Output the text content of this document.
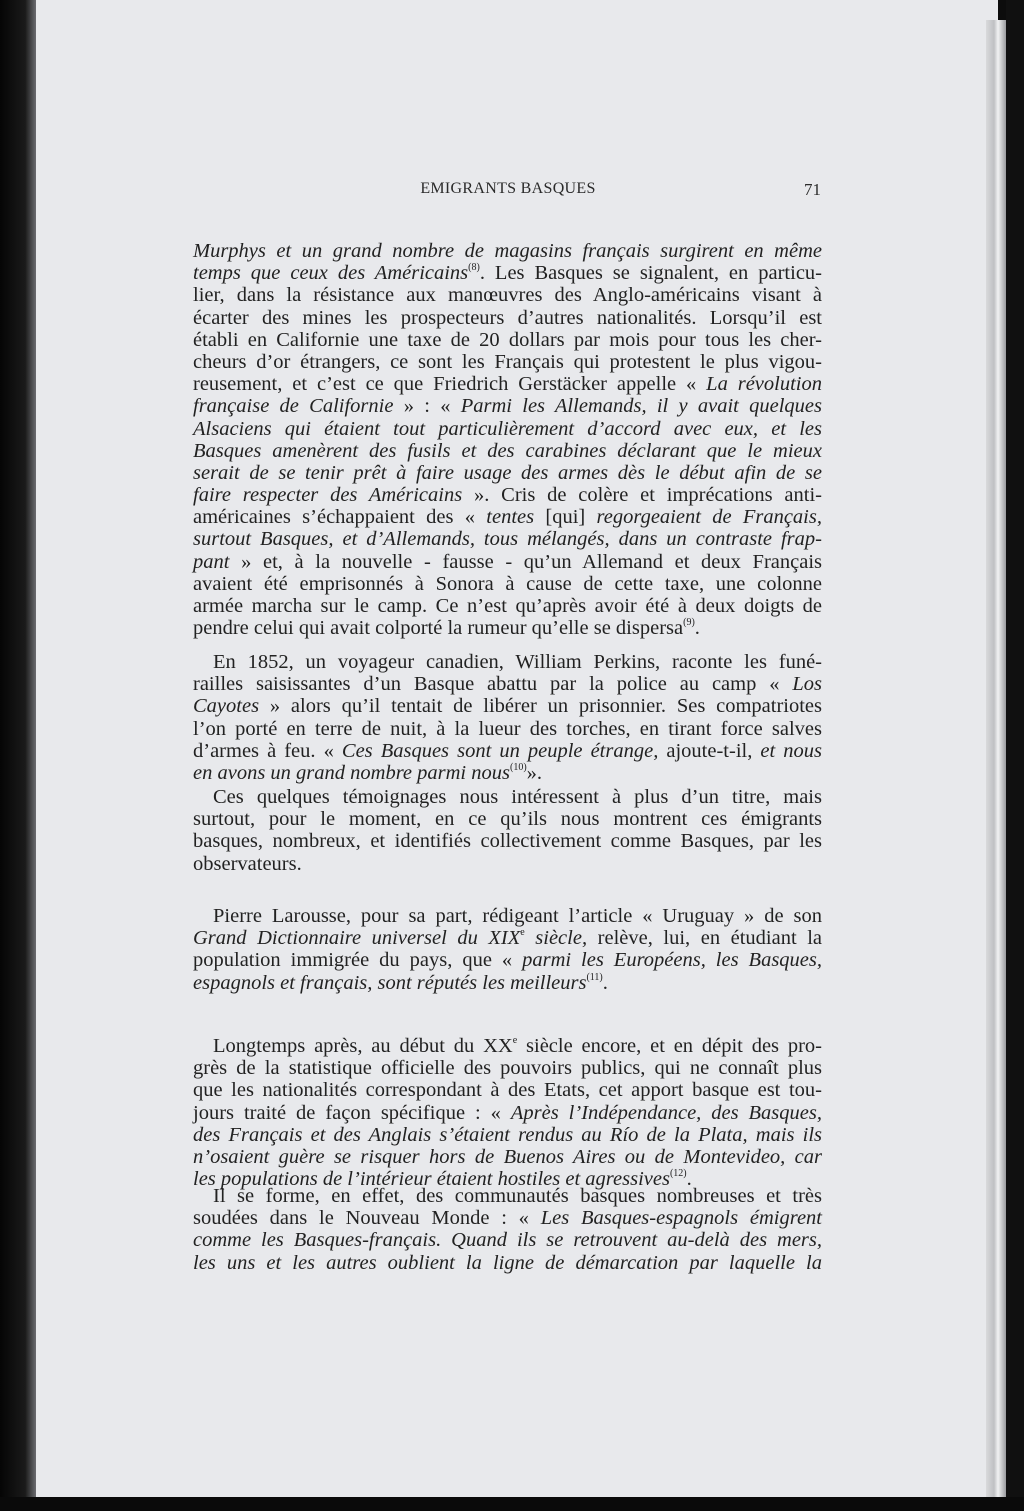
EMIGRANTS BASQUES	71
Murphys et un grand nombre de magasins français surgirent en même
temps que ceux des Américains$^{(8)}$. Les Basques se signalent, en particu-
lier, dans la résistance aux manœuvres des Anglo-américains visant à
écarter des mines les prospecteurs d’autres nationalités. Lorsqu’il est
établi en Californie une taxe de 20 dollars par mois pour tous les cher-
cheurs d’or étrangers, ce sont les Français qui protestent le plus vigou-
reusement, et c’est ce que Friedrich Gerstäcker appelle « La révolution
française de Californie » : « Parmi les Allemands, il y avait quelques
Alsaciens qui étaient tout particulièrement d’accord avec eux, et les
Basques amenèrent des fusils et des carabines déclarant que le mieux
serait de se tenir prêt à faire usage des armes dès le début afin de se
faire respecter des Américains ». Cris de colère et imprécations anti-
américaines s’échappaient des « tentes [qui] regorgeaient de Français,
surtout Basques, et d’Allemands, tous mélangés, dans un contraste frap-
pant » et, à la nouvelle - fausse - qu’un Allemand et deux Français
avaient été emprisonnés à Sonora à cause de cette taxe, une colonne
armée marcha sur le camp. Ce n’est qu’après avoir été à deux doigts de
pendre celui qui avait colporté la rumeur qu’elle se dispersa$^{(9)}$.
En 1852, un voyageur canadien, William Perkins, raconte les funé-
railles saisissantes d’un Basque abattu par la police au camp « Los
Cayotes » alors qu’il tentait de libérer un prisonnier. Ses compatriotes
l’on porté en terre de nuit, à la lueur des torches, en tirant force salves
d’armes à feu. « Ces Basques sont un peuple étrange, ajoute-t-il, et nous
en avons un grand nombre parmi nous$^{(10)}$».
Ces quelques témoignages nous intéressent à plus d’un titre, mais
surtout, pour le moment, en ce qu’ils nous montrent ces émigrants
basques, nombreux, et identifiés collectivement comme Basques, par les
observateurs.
Pierre Larousse, pour sa part, rédigeant l’article « Uruguay » de son
Grand Dictionnaire universel du XIXe siècle, relève, lui, en étudiant la
population immigrée du pays, que « parmi les Européens, les Basques,
espagnols et français, sont réputés les meilleurs$^{(11)}$.
Longtemps après, au début du XXe siècle encore, et en dépit des pro-
grès de la statistique officielle des pouvoirs publics, qui ne connaît plus
que les nationalités correspondant à des Etats, cet apport basque est tou-
jours traité de façon spécifique : « Après l’Indépendance, des Basques,
des Français et des Anglais s’étaient rendus au Río de la Plata, mais ils
n’osaient guère se risquer hors de Buenos Aires ou de Montevideo, car
les populations de l’intérieur étaient hostiles et agressives$^{(12)}$.
Il se forme, en effet, des communautés basques nombreuses et très
soudées dans le Nouveau Monde : « Les Basques-espagnols émigrent
comme les Basques-français. Quand ils se retrouvent au-delà des mers,
les uns et les autres oublient la ligne de démarcation par laquelle la
